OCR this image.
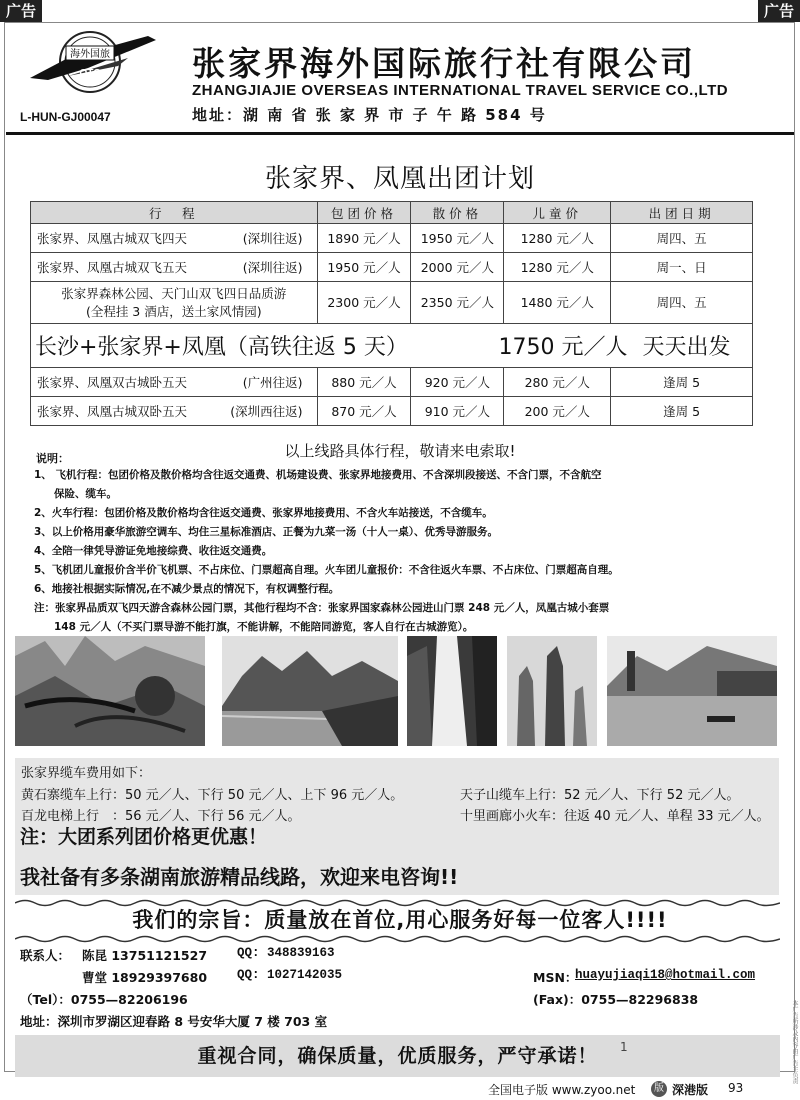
广告	广告
海外国旅
OTC
L-HUN-GJ00047
张家界海外国际旅行社有限公司
ZHANGJIAJIE OVERSEAS INTERNATIONAL TRAVEL SERVICE CO.,LTD
地址：湖 南 省 张 家 界 市 子 午 路 584 号
张家界、凤凰出团计划
行　程	包团价格	散价格	儿童价	出团日期
张家界、凤凰古城双飞四天 (深圳往返)	1890 元／人	1950 元／人	1280 元／人	周四、五
张家界、凤凰古城双飞五天 (深圳往返)	1950 元／人	2000 元／人	1280 元／人	周一、日

张家界森林公园、天门山双飞四日品质游
(全程挂 3 酒店，送土家风情园)	2300 元／人	2350 元／人	1480 元／人	周四、五
长沙+张家界+凤凰（高铁往返 5 天） 1750 元／人 天天出发				

张家界、凤凰双古城卧五天 (广州往返)	880 元／人	920 元／人	280 元／人	逢周 5
张家界、凤凰古城双卧五天 (深圳西往返)	870 元／人	910 元／人	200 元／人	逢周 5
以上线路具体行程，敬请来电索取!
说明：
1、 飞机行程：包团价格及散价格均含往返交通费、机场建设费、张家界地接费用、不含深圳段接送、不含门票，不含航空
保险、缆车。
2、火车行程：包团价格及散价格均含往返交通费、张家界地接费用、不含火车站接送，不含缆车。
3、以上价格用豪华旅游空调车、均住三星标准酒店、正餐为九菜一汤（十人一桌）、优秀导游服务。
4、全陪一律凭导游证免地接综费、收往返交通费。
5、飞机团儿童报价含半价飞机票、不占床位、门票超高自理。火车团儿童报价：不含往返火车票、不占床位、门票超高自理。
6、地接社根据实际情况,在不减少景点的情况下，有权调整行程。
注：张家界品质双飞四天游含森林公园门票，其他行程均不含：张家界国家森林公园进山门票 248 元／人，凤凰古城小套票
148 元／人（不买门票导游不能打旗，不能讲解，不能陪同游览，客人自行在古城游览）。
张家界缆车费用如下：
黄石寨缆车上行：50 元／人、下行 50 元／人、上下 96 元／人。	天子山缆车上行：52 元／人、下行 52 元／人。
百龙电梯上行　：56 元／人、下行 56 元／人。	十里画廊小火车：往返 40 元／人、单程 33 元／人。
注：大团系列团价格更优惠！
我社备有多条湖南旅游精品线路，欢迎来电咨询!!
我们的宗旨：质量放在首位,用心服务好每一位客人!!!!
联系人： 陈昆 13751121527 QQ: 348839163
曹堂 18929397680 QQ: 1027142035	MSN：
huayujiaqi18@hotmail.com
（Tel）：0755—82206196	(Fax)：0755—82296838
地址：深圳市罗湖区迎春路 8 号安华大厦 7 楼 703 室
重视合同，确保质量，优质服务，严守承诺！	1	本广告所涉及内容由广告主负责
全国电子版 www.zyoo.net	版 深港版 93
